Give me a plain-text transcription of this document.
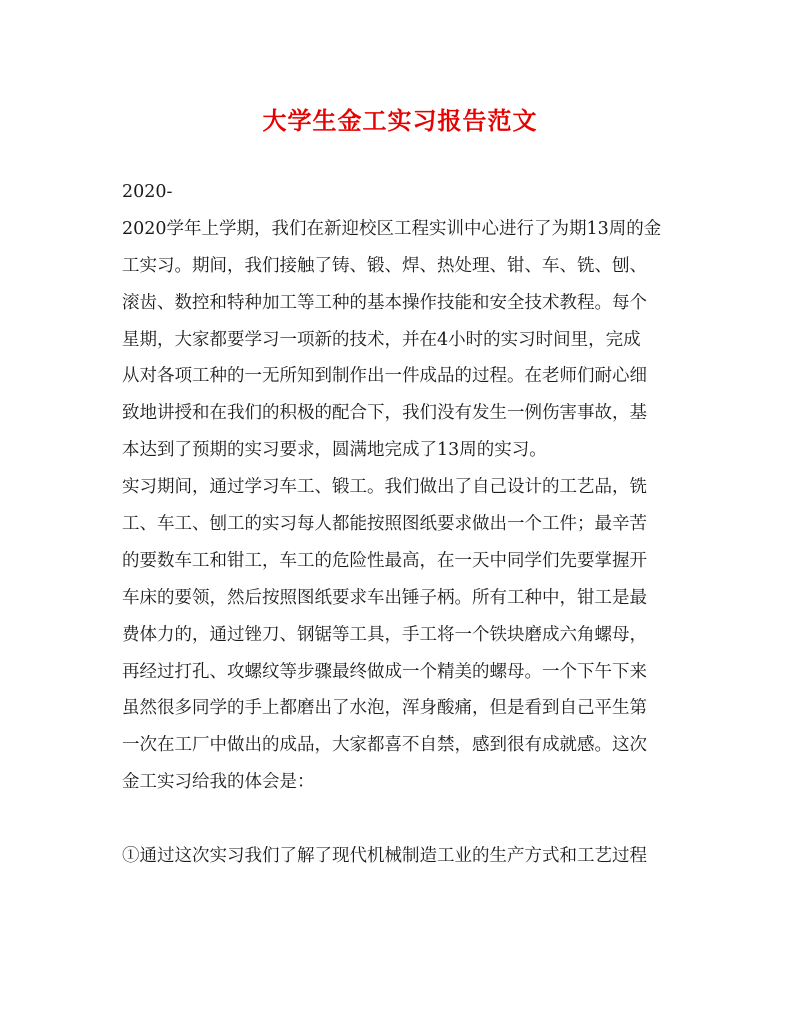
大学生金工实习报告范文
2020-
2020学年上学期，我们在新迎校区工程实训中心进行了为期13周的金
工实习。期间，我们接触了铸、锻、焊、热处理、钳、车、铣、刨、
滚齿、数控和特种加工等工种的基本操作技能和安全技术教程。每个
星期，大家都要学习一项新的技术，并在4小时的实习时间里，完成
从对各项工种的一无所知到制作出一件成品的过程。在老师们耐心细
致地讲授和在我们的积极的配合下，我们没有发生一例伤害事故，基
本达到了预期的实习要求，圆满地完成了13周的实习。
实习期间，通过学习车工、锻工。我们做出了自己设计的工艺品，铣
工、车工、刨工的实习每人都能按照图纸要求做出一个工件；最辛苦
的要数车工和钳工，车工的危险性最高，在一天中同学们先要掌握开
车床的要领，然后按照图纸要求车出锤子柄。所有工种中，钳工是最
费体力的，通过锉刀、钢锯等工具，手工将一个铁块磨成六角螺母，
再经过打孔、攻螺纹等步骤最终做成一个精美的螺母。一个下午下来
虽然很多同学的手上都磨出了水泡，浑身酸痛，但是看到自己平生第
一次在工厂中做出的成品，大家都喜不自禁，感到很有成就感。这次
金工实习给我的体会是：
①通过这次实习我们了解了现代机械制造工业的生产方式和工艺过程
